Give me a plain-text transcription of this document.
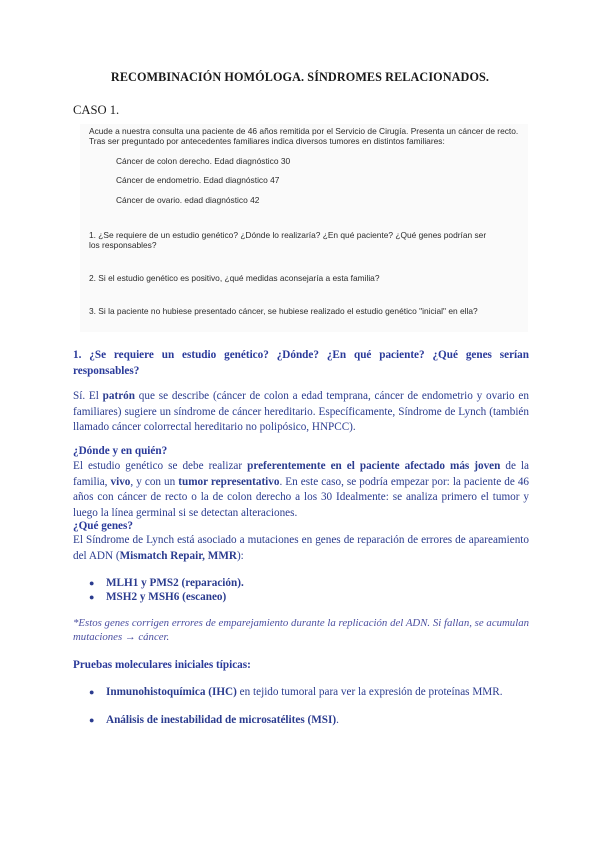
RECOMBINACIÓN HOMÓLOGA. SÍNDROMES RELACIONADOS.
CASO 1.
Acude a nuestra consulta una paciente de 46 años remitida por el Servicio de Cirugía. Presenta un cáncer de recto.
Tras ser preguntado por antecedentes familiares indica diversos tumores en distintos familiares:
Cáncer de colon derecho. Edad diagnóstico 30
Cáncer de endometrio. Edad diagnóstico 47
Cáncer de ovario. edad diagnóstico 42
1. ¿Se requiere de un estudio genético? ¿Dónde lo realizaría? ¿En qué paciente? ¿Qué genes podrían ser
los responsables?
2. Si el estudio genético es positivo, ¿qué medidas aconsejaría a esta familia?
3. Si la paciente no hubiese presentado cáncer, se hubiese realizado el estudio genético "inicial" en ella?
1. ¿Se requiere un estudio genético? ¿Dónde? ¿En qué paciente? ¿Qué genes serían responsables?
Sí. El patrón que se describe (cáncer de colon a edad temprana, cáncer de endometrio y ovario en familiares) sugiere un síndrome de cáncer hereditario. Específicamente, Síndrome de Lynch (también llamado cáncer colorrectal hereditario no polipósico, HNPCC).
¿Dónde y en quién?
El estudio genético se debe realizar preferentemente en el paciente afectado más joven de la familia, vivo, y con un tumor representativo. En este caso, se podría empezar por: la paciente de 46 años con cáncer de recto o la de colon derecho a los 30 Idealmente: se analiza primero el tumor y luego la línea germinal si se detectan alteraciones.
¿Qué genes?
El Síndrome de Lynch está asociado a mutaciones en genes de reparación de errores de apareamiento del ADN (Mismatch Repair, MMR):
● MLH1 y PMS2 (reparación).
● MSH2 y MSH6 (escaneo)
*Estos genes corrigen errores de emparejamiento durante la replicación del ADN. Si fallan, se acumulan mutaciones → cáncer.
Pruebas moleculares iniciales típicas:
● Inmunohistoquímica (IHC) en tejido tumoral para ver la expresión de proteínas MMR.
● Análisis de inestabilidad de microsatélites (MSI).
